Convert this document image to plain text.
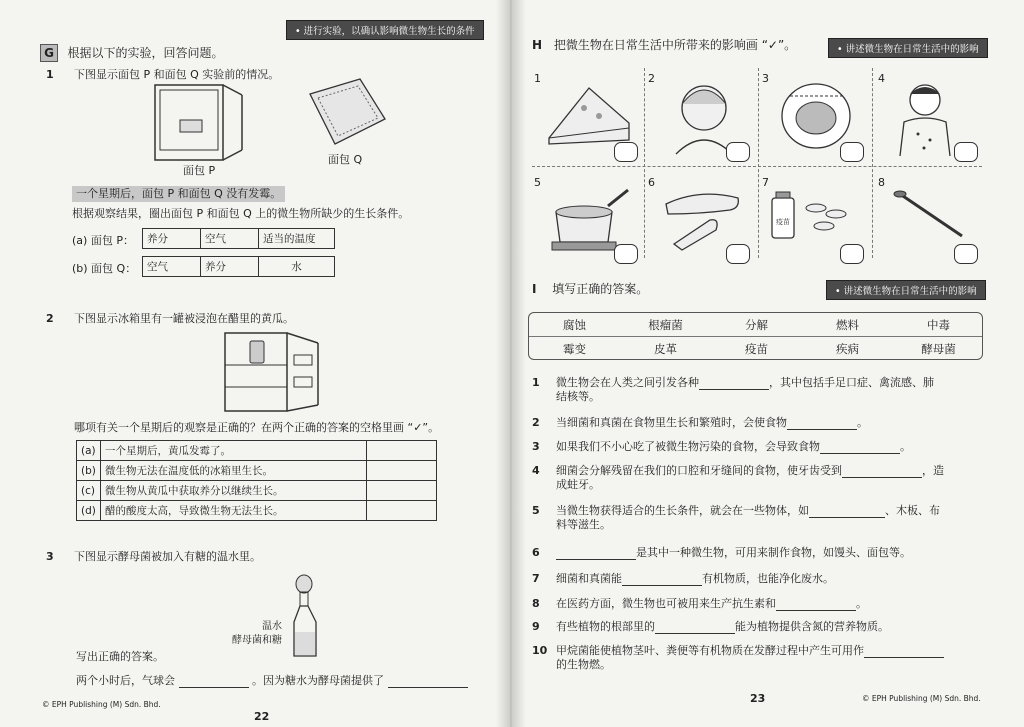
• 进行实验，以确认影响微生物生长的条件
G 根据以下的实验，回答问题。
1 下图显示面包 P 和面包 Q 实验前的情况。
面包 P
面包 Q
一个星期后，面包 P 和面包 Q 没有发霉。
根据观察结果，圈出面包 P 和面包 Q 上的微生物所缺少的生长条件。
(a) 面包 P： 养分	空气	适当的温度
(b) 面包 Q： 空气	养分	水
2 下图显示冰箱里有一罐被浸泡在醋里的黄瓜。
哪项有关一个星期后的观察是正确的？在两个正确的答案的空格里画 “✓”。
(a)	一个星期后，黄瓜发霉了。	
(b)	微生物无法在温度低的冰箱里生长。	
(c)	微生物从黄瓜中获取养分以继续生长。	
(d)	醋的酸度太高，导致微生物无法生长。	
3 下图显示酵母菌被加入有糖的温水里。
温水
酵母菌和糖
写出正确的答案。
两个小时后，气球会	。因为糖水为酵母菌提供了
© EPH Publishing (M) Sdn. Bhd.
22
H 把微生物在日常生活中所带来的影响画 “✓”。	• 讲述微生物在日常生活中的影响
1	2	3	4
5	6	7
疫苗
8
I 填写正确的答案。	• 讲述微生物在日常生活中的影响
腐蚀	根瘤菌	分解	燃料	中毒
霉变	皮革	疫苗	疾病	酵母菌
1 微生物会在人类之间引发各种	，其中包括手足口症、禽流感、肺
结核等。
2 当细菌和真菌在食物里生长和繁殖时，会使食物	。
3 如果我们不小心吃了被微生物污染的食物，会导致食物	。
4 细菌会分解残留在我们的口腔和牙缝间的食物，使牙齿受到	，造
成蛀牙。
5 当微生物获得适合的生长条件，就会在一些物体，如	、木板、布
料等滋生。
6	是其中一种微生物，可用来制作食物，如馒头、面包等。
7 细菌和真菌能	有机物质，也能净化废水。
8 在医药方面，微生物也可被用来生产抗生素和	。
9 有些植物的根部里的	能为植物提供含氮的营养物质。
10 甲烷菌能使植物茎叶、粪便等有机物质在发酵过程中产生可用作
的生物燃。
23	© EPH Publishing (M) Sdn. Bhd.
